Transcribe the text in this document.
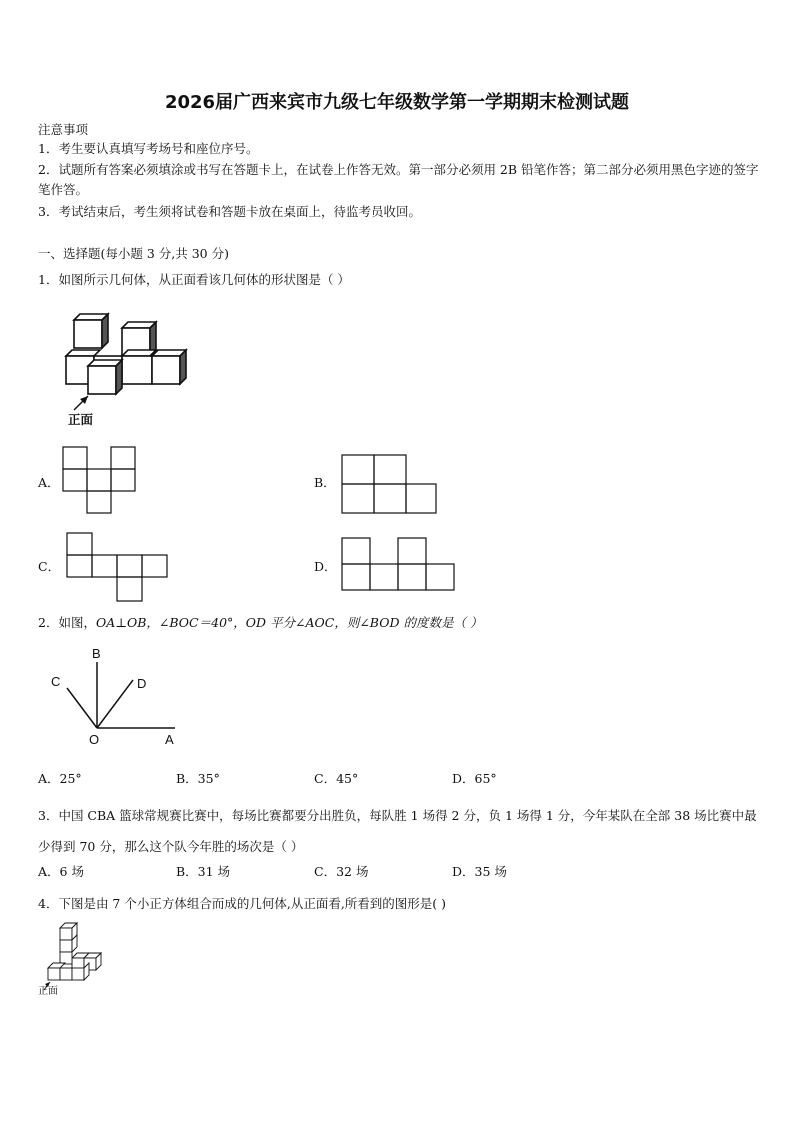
2026届广西来宾市九级七年级数学第一学期期末检测试题
注意事项
1．考生要认真填写考场号和座位序号。
2．试题所有答案必须填涂或书写在答题卡上，在试卷上作答无效。第一部分必须用 2B 铅笔作答；第二部分必须用黑色字迹的签字笔作答。
3．考试结束后，考生须将试卷和答题卡放在桌面上，待监考员收回。
一、选择题(每小题 3 分,共 30 分)
1．如图所示几何体，从正面看该几何体的形状图是（ ）
正面
A．	B．
C．	D．
2．如图，OA⊥OB，∠BOC＝40°，OD 平分∠AOC，则∠BOD 的度数是（ ）
B
C	D
O	A
A．25°	B．35°	C．45°	D．65°
3．中国 CBA 篮球常规赛比赛中，每场比赛都要分出胜负，每队胜 1 场得 2 分，负 1 场得 1 分，今年某队在全部 38 场比赛中最少得到 70 分，那么这个队今年胜的场次是（ ）
A．6 场	B．31 场	C．32 场	D．35 场
4．下图是由 7 个小正方体组合而成的几何体,从正面看,所看到的图形是( )
正面
